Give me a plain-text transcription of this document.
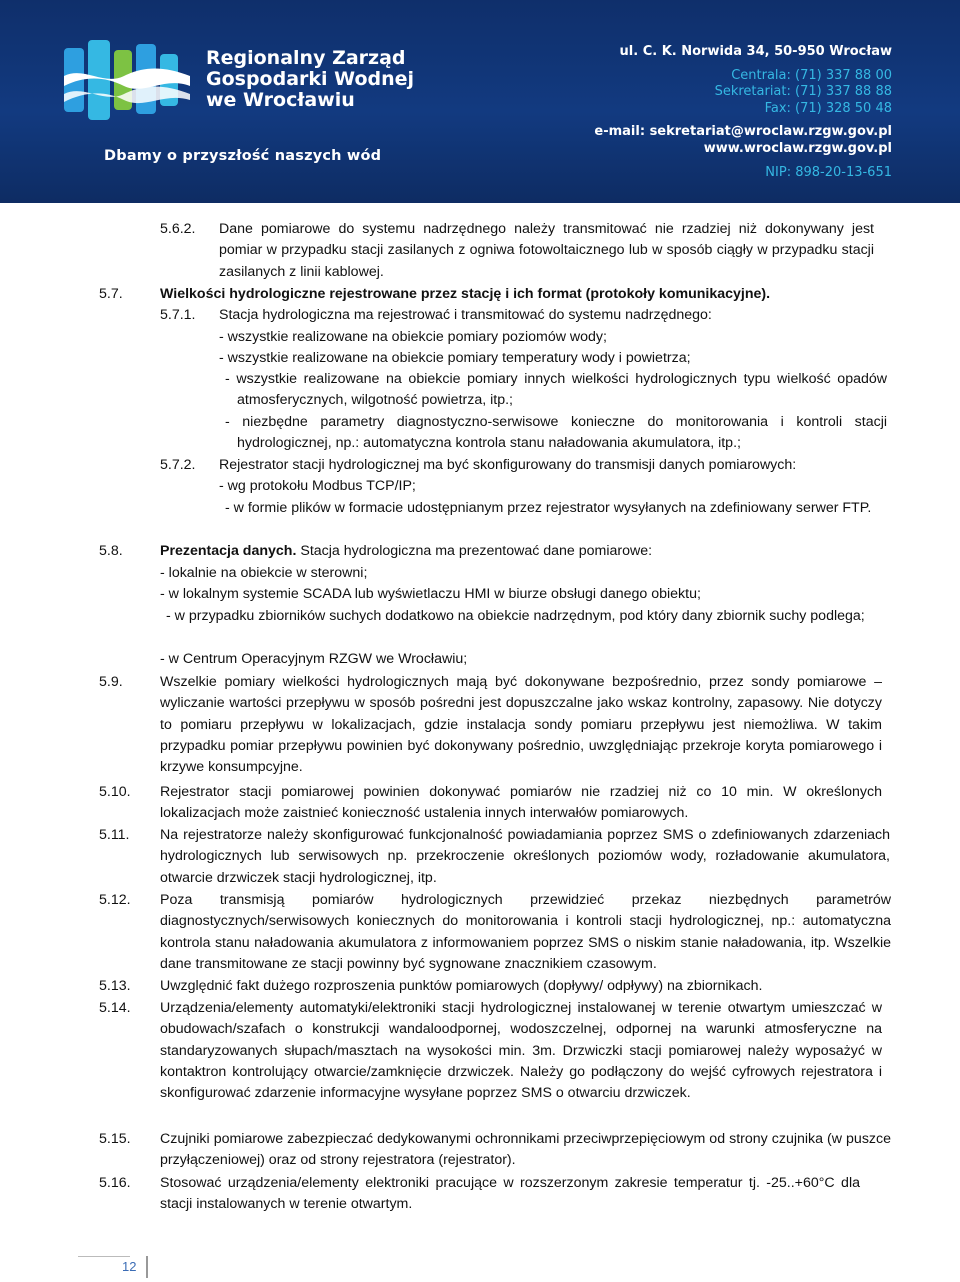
Regionalny Zarząd
Gospodarki Wodnej
we Wrocławiu
Dbamy o przyszłość naszych wód
ul. C. K. Norwida 34, 50-950 Wrocław
Centrala: (71) 337 88 00
Sekretariat: (71) 337 88 88
Fax: (71) 328 50 48
e-mail: sekretariat@wroclaw.rzgw.gov.pl
www.wroclaw.rzgw.gov.pl
NIP: 898-20-13-651
5.6.2. Dane pomiarowe do systemu nadrzędnego należy transmitować nie rzadziej niż dokonywany jest pomiar w przypadku stacji zasilanych z ogniwa fotowoltaicznego lub w sposób ciągły w przypadku stacji zasilanych z linii kablowej.
5.7.	Wielkości hydrologiczne rejestrowane przez stację i ich format (protokoły komunikacyjne).
5.7.1. Stacja hydrologiczna ma rejestrować i transmitować do systemu nadrzędnego:
- wszystkie realizowane na obiekcie pomiary poziomów wody;
- wszystkie realizowane na obiekcie pomiary temperatury wody i powietrza;
- wszystkie realizowane na obiekcie pomiary innych wielkości hydrologicznych typu wielkość opadów atmosferycznych, wilgotność powietrza, itp.;
- niezbędne parametry diagnostyczno-serwisowe konieczne do monitorowania i kontroli stacji hydrologicznej, np.: automatyczna kontrola stanu naładowania akumulatora, itp.;
5.7.2. Rejestrator stacji hydrologicznej ma być skonfigurowany do transmisji danych pomiarowych:
- wg protokołu Modbus TCP/IP;
- w formie plików w formacie udostępnianym przez rejestrator wysyłanych na zdefiniowany serwer FTP.
5.8.	Prezentacja danych. Stacja hydrologiczna ma prezentować dane pomiarowe:
- lokalnie na obiekcie w sterowni;
- w lokalnym systemie SCADA lub wyświetlaczu HMI w biurze obsługi danego obiektu;
- w przypadku zbiorników suchych dodatkowo na obiekcie nadrzędnym, pod który dany zbiornik suchy podlega;
- w Centrum Operacyjnym RZGW we Wrocławiu;
5.9.	Wszelkie pomiary wielkości hydrologicznych mają być dokonywane bezpośrednio, przez sondy pomiarowe – wyliczanie wartości przepływu w sposób pośredni jest dopuszczalne jako wskaz kontrolny, zapasowy. Nie dotyczy to pomiaru przepływu w lokalizacjach, gdzie instalacja sondy pomiaru przepływu jest niemożliwa. W takim przypadku pomiar przepływu powinien być dokonywany pośrednio, uwzględniając przekroje koryta pomiarowego i krzywe konsumpcyjne.
5.10. Rejestrator stacji pomiarowej powinien dokonywać pomiarów nie rzadziej niż co 10 min. W określonych lokalizacjach może zaistnieć konieczność ustalenia innych interwałów pomiarowych.
5.11. Na rejestratorze należy skonfigurować funkcjonalność powiadamiania poprzez SMS o zdefiniowanych zdarzeniach hydrologicznych lub serwisowych np. przekroczenie określonych poziomów wody, rozładowanie akumulatora, otwarcie drzwiczek stacji hydrologicznej, itp.
5.12. Poza transmisją pomiarów hydrologicznych przewidzieć przekaz niezbędnych parametrów diagnostycznych/serwisowych koniecznych do monitorowania i kontroli stacji hydrologicznej, np.: automatyczna kontrola stanu naładowania akumulatora z informowaniem poprzez SMS o niskim stanie naładowania, itp. Wszelkie dane transmitowane ze stacji powinny być sygnowane znacznikiem czasowym.
5.13. Uwzględnić fakt dużego rozproszenia punktów pomiarowych (dopływy/ odpływy) na zbiornikach.
5.14. Urządzenia/elementy automatyki/elektroniki stacji hydrologicznej instalowanej w terenie otwartym umieszczać w obudowach/szafach o konstrukcji wandaloodpornej, wodoszczelnej, odpornej na warunki atmosferyczne na standaryzowanych słupach/masztach na wysokości min. 3m. Drzwiczki stacji pomiarowej należy wyposażyć w kontaktron kontrolujący otwarcie/zamknięcie drzwiczek. Należy go podłączony do wejść cyfrowych rejestratora i skonfigurować zdarzenie informacyjne wysyłane poprzez SMS o otwarciu drzwiczek.
5.15. Czujniki pomiarowe zabezpieczać dedykowanymi ochronnikami przeciwprzepięciowym od strony czujnika (w puszce przyłączeniowej) oraz od strony rejestratora (rejestrator).
5.16. Stosować urządzenia/elementy elektroniki pracujące w rozszerzonym zakresie temperatur tj. -25..+60°C dla stacji instalowanych w terenie otwartym.
12
